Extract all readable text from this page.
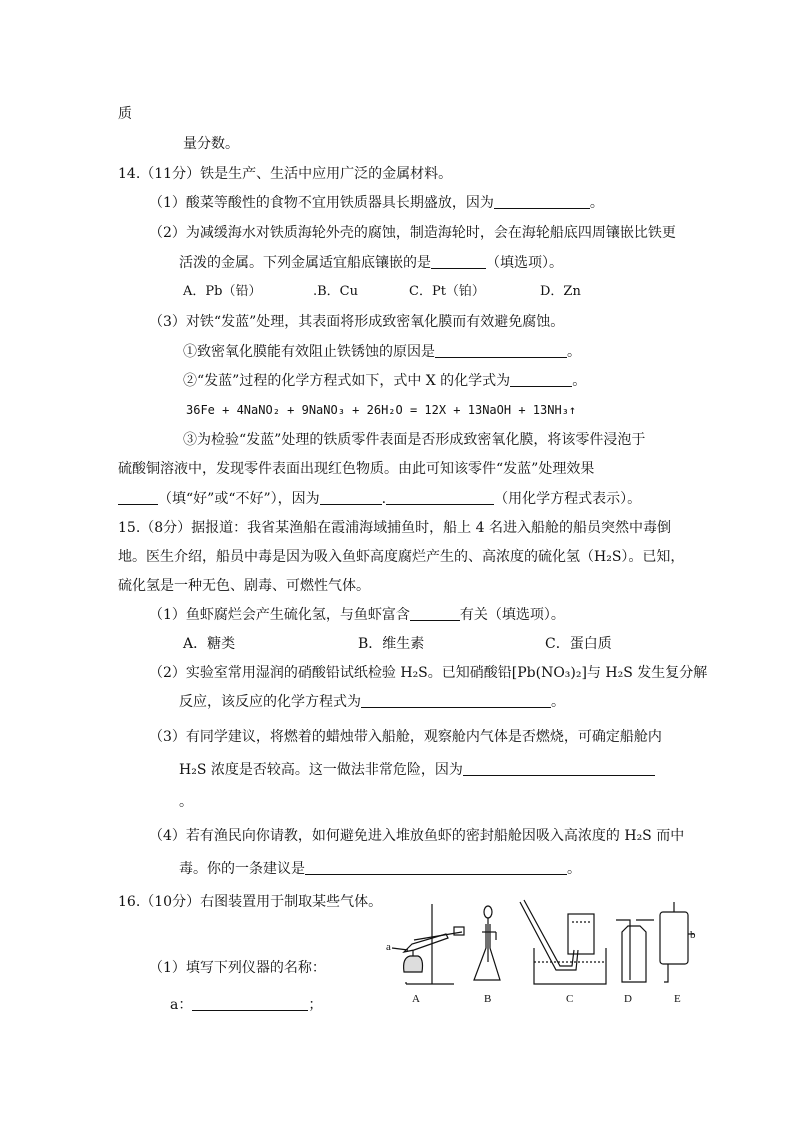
质
量分数。
14.（11分）铁是生产、生活中应用广泛的金属材料。
（1）酸菜等酸性的食物不宜用铁质器具长期盛放，因为	。
（2）为减缓海水对铁质海轮外壳的腐蚀，制造海轮时，会在海轮船底四周镶嵌比铁更
活泼的金属。下列金属适宜船底镶嵌的是	（填选项）。
A．Pb（铅）	.B．Cu	C．Pt（铂）	D．Zn
（3）对铁“发蓝”处理，其表面将形成致密氧化膜而有效避免腐蚀。
①致密氧化膜能有效阻止铁锈蚀的原因是	。
②“发蓝”过程的化学方程式如下，式中 X 的化学式为	。
36Fe + 4NaNO₂ + 9NaNO₃ + 26H₂O = 12X + 13NaOH + 13NH₃↑
③为检验“发蓝”处理的铁质零件表面是否形成致密氧化膜，将该零件浸泡于
硫酸铜溶液中，发现零件表面出现红色物质。由此可知该零件“发蓝”处理效果
（填“好”或“不好”），因为	.	（用化学方程式表示）。
15.（8分）据报道：我省某渔船在霞浦海域捕鱼时，船上 4 名进入船舱的船员突然中毒倒
地。医生介绍，船员中毒是因为吸入鱼虾高度腐烂产生的、高浓度的硫化氢（H₂S）。已知，
硫化氢是一种无色、剧毒、可燃性气体。
（1）鱼虾腐烂会产生硫化氢，与鱼虾富含	有关（填选项）。
A．糖类	B．维生素	C．蛋白质
（2）实验室常用湿润的硝酸铅试纸检验 H₂S。已知硝酸铅[Pb(NO₃)₂]与 H₂S 发生复分解
反应，该反应的化学方程式为	。
（3）有同学建议，将燃着的蜡烛带入船舱，观察舱内气体是否燃烧，可确定船舱内
H₂S 浓度是否较高。这一做法非常危险，因为
。
（4）若有渔民向你请教，如何避免进入堆放鱼虾的密封船舱因吸入高浓度的 H₂S 而中
毒。你的一条建议是	。
16.（10分）右图装置用于制取某些气体。
（1）填写下列仪器的名称：
a：	；	A	B	C	D	E
a
b
